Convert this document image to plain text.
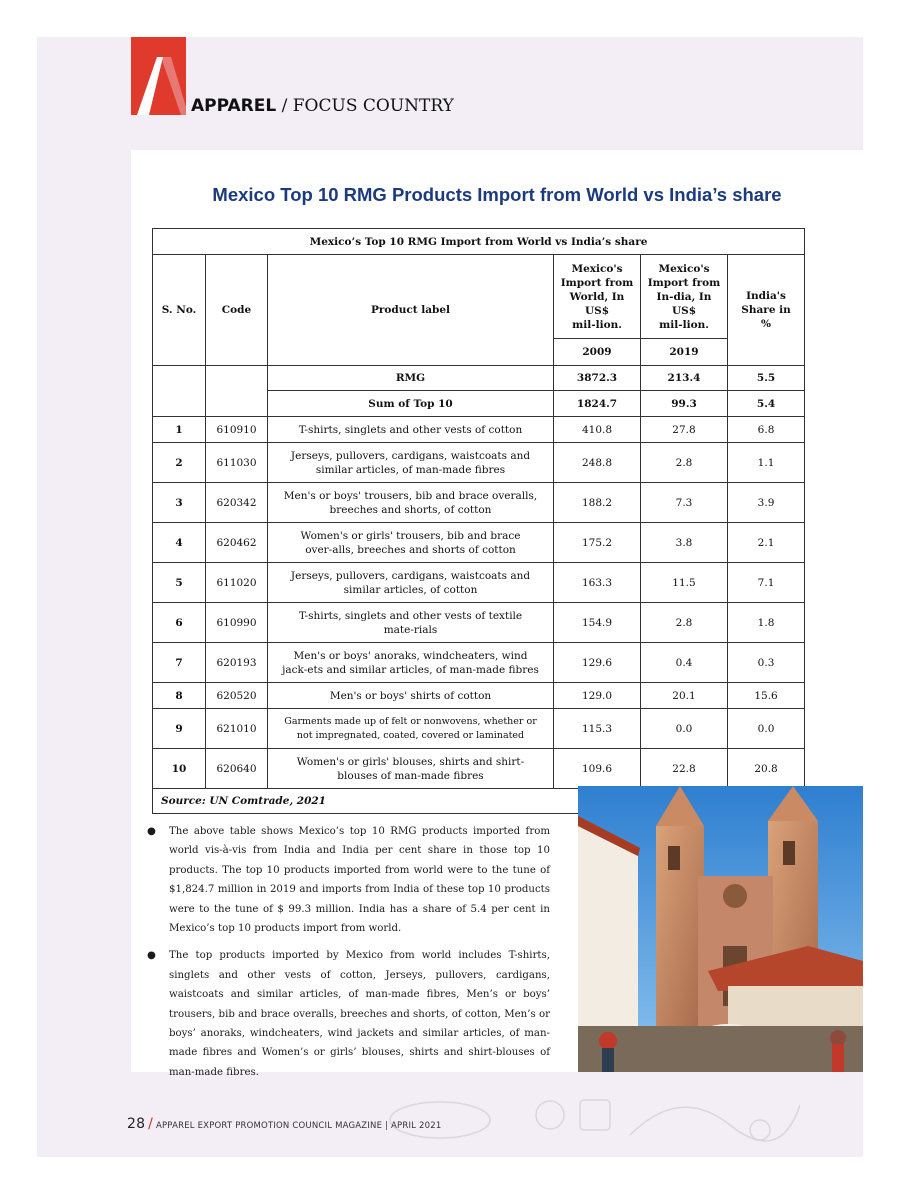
APPAREL / FOCUS COUNTRY
Mexico Top 10 RMG Products Import from World vs India’s share
Mexico’s Top 10 RMG Import from World vs India’s share					
S. No.	Code	Product label	Mexico's
Import from
World, In
US$
mil-lion.	Mexico's
Import from
In-dia, In
US$
mil-lion.	India's
Share in
%
			2009	2019	
		RMG	3872.3	213.4	5.5
		Sum of Top 10	1824.7	99.3	5.4
1	610910	T-shirts, singlets and other vests of cotton	410.8	27.8	6.8
2	611030	Jerseys, pullovers, cardigans, waistcoats and
similar articles, of man-made fibres	248.8	2.8	1.1
3	620342	Men's or boys' trousers, bib and brace overalls,
breeches and shorts, of cotton	188.2	7.3	3.9
4	620462	Women's or girls' trousers, bib and brace
over-alls, breeches and shorts of cotton	175.2	3.8	2.1
5	611020	Jerseys, pullovers, cardigans, waistcoats and
similar articles, of cotton	163.3	11.5	7.1
6	610990	T-shirts, singlets and other vests of textile
mate-rials	154.9	2.8	1.8
7	620193	Men's or boys' anoraks, windcheaters, wind
jack-ets and similar articles, of man-made fibres	129.6	0.4	0.3
8	620520	Men's or boys' shirts of cotton	129.0	20.1	15.6
9	621010	Garments made up of felt or nonwovens, whether or
not impregnated, coated, covered or laminated	115.3	0.0	0.0
10	620640	Women's or girls' blouses, shirts and shirt-
blouses of man-made fibres	109.6	22.8	20.8
Source: UN Comtrade, 2021					

● The above table shows Mexico’s top 10 RMG products imported from world vis-à-vis from India and India per cent share in those top 10 products. The top 10 products imported from world were to the tune of $1,824.7 million in 2019 and imports from India of these top 10 products were to the tune of $ 99.3 million. India has a share of 5.4 per cent in Mexico’s top 10 products import from world.

● The top products imported by Mexico from world includes T-shirts, singlets and other vests of cotton, Jerseys, pullovers, cardigans, waistcoats and similar articles, of man-made fibres, Men’s or boys’ trousers, bib and brace overalls, breeches and shorts, of cotton, Men’s or boys’ anoraks, windcheaters, wind jackets and similar articles, of man-made fibres and Women’s or girls’ blouses, shirts and shirt-blouses of man-made fibres.

28 / APPAREL EXPORT PROMOTION COUNCIL MAGAZINE | APRIL 2021
